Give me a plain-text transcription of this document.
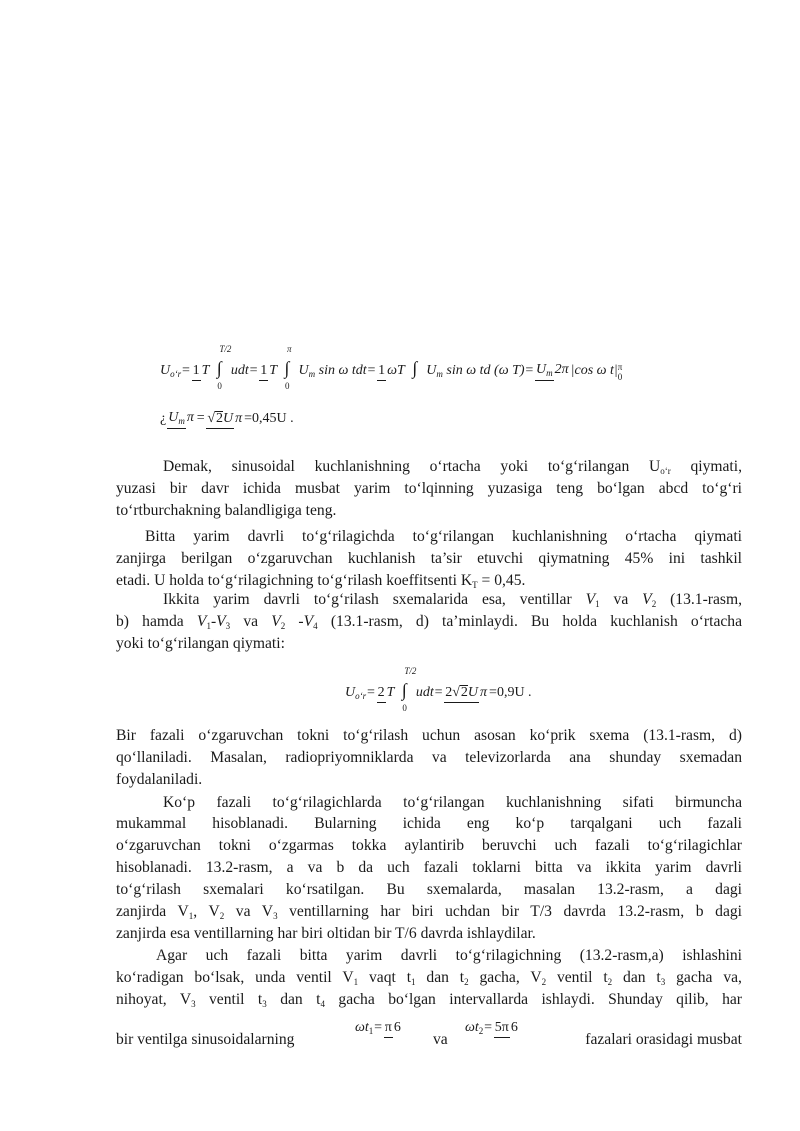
Uo‘r= 1 T ∫
T/2
0
udt= 1 T ∫
π
0
Um sin ω tdt= 1 ωT ∫ Um sin ω td (ω T)= Um 2π |cos ω t| π
0
¿ Um π = √2U π =0,45U .
Demak, sinusoidal kuchlanishning o‘rtacha yoki to‘g‘rilangan $U_{o‘r}$ qiymati,
yuzasi bir davr ichida musbat yarim to‘lqinning yuzasiga teng bo‘lgan abcd to‘g‘ri
to‘rtburchakning balandligiga teng.
Bitta yarim davrli to‘g‘rilagichda to‘g‘rilangan kuchlanishning o‘rtacha qiymati
zanjirga berilgan o‘zgaruvchan kuchlanish ta’sir etuvchi qiymatning 45% ini tashkil
etadi. U holda to‘g‘rilagichning to‘g‘rilash koeffitsenti $K_T = 0,45$.
Ikkita yarim davrli to‘g‘rilash sxemalarida esa, ventillar $V_1$ va $V_2$ (13.1-rasm,
b) hamda $V_1-V_3$ va $V_2$ $-V_4$ (13.1-rasm, d) ta’minlaydi. Bu holda kuchlanish o‘rtacha
yoki to‘g‘rilangan qiymati:
Uo‘r= 2 T ∫
T/2
0
udt= 2√2U π =0,9U .
Bir fazali o‘zgaruvchan tokni to‘g‘rilash uchun asosan ko‘prik sxema (13.1-rasm, d)
qo‘llaniladi. Masalan, radiopriyomniklarda va televizorlarda ana shunday sxemadan
foydalaniladi.
Ko‘p fazali to‘g‘rilagichlarda to‘g‘rilangan kuchlanishning sifati birmuncha
mukammal hisoblanadi. Bularning ichida eng ko‘p tarqalgani uch fazali
o‘zgaruvchan tokni o‘zgarmas tokka aylantirib beruvchi uch fazali to‘g‘rilagichlar
hisoblanadi. 13.2-rasm, a va b da uch fazali toklarni bitta va ikkita yarim davrli
to‘g‘rilash sxemalari ko‘rsatilgan. Bu sxemalarda, masalan 13.2-rasm, a dagi
zanjirda $V_1$, $V_2$ va $V_3$ ventillarning har biri uchdan bir T/3 davrda 13.2-rasm, b dagi
zanjirda esa ventillarning har biri oltidan bir T/6 davrda ishlaydilar.
Agar uch fazali bitta yarim davrli to‘g‘rilagichning (13.2-rasm,a) ishlashini
ko‘radigan bo‘lsak, unda ventil $V_1$ vaqt $t_1$ dan $t_2$ gacha, $V_2$ ventil $t_2$ dan $t_3$ gacha va,
nihoyat, $V_3$ ventil $t_3$ dan $t_4$ gacha bo‘lgan intervallarda ishlaydi. Shunday qilib, har
bir ventilga sinusoidalarning
ωt1= π 6
va
ωt2= 5π 6
fazalari orasidagi musbat
